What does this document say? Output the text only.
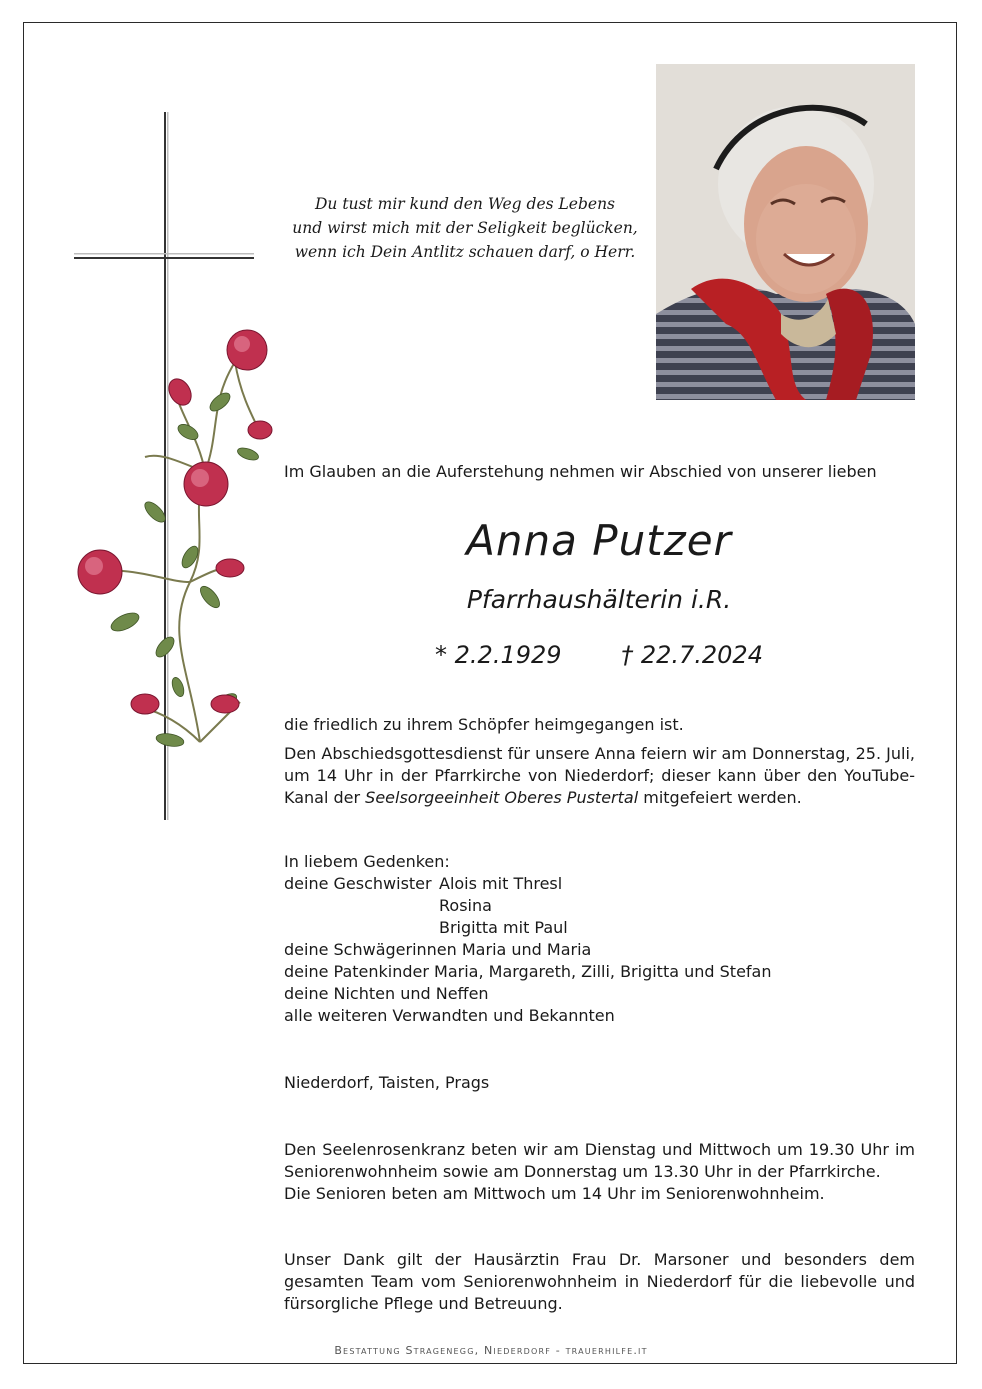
Du tust mir kund den Weg des Lebens
und wirst mich mit der Seligkeit beglücken,
wenn ich Dein Antlitz schauen darf, o Herr.
Im Glauben an die Auferstehung nehmen wir Abschied von unserer lieben
Anna Putzer
Pfarrhaushälterin i.R.
* 2.2.1929 † 22.7.2024
die friedlich zu ihrem Schöpfer heimgegangen ist.
Den Abschiedsgottesdienst für unsere Anna feiern wir am Donnerstag, 25. Juli, um 14 Uhr in der Pfarrkirche von Niederdorf; dieser kann über den YouTube-Kanal der Seelsorgeeinheit Oberes Pustertal mitgefeiert werden.
In liebem Gedenken:
deine Geschwister Alois mit Thresl
Rosina
Brigitta mit Paul
deine Schwägerinnen Maria und Maria
deine Patenkinder Maria, Margareth, Zilli, Brigitta und Stefan
deine Nichten und Neffen
alle weiteren Verwandten und Bekannten
Niederdorf, Taisten, Prags
Den Seelenrosenkranz beten wir am Dienstag und Mittwoch um 19.30 Uhr im Seniorenwohnheim sowie am Donnerstag um 13.30 Uhr in der Pfarrkirche.
Die Senioren beten am Mittwoch um 14 Uhr im Seniorenwohnheim.
Unser Dank gilt der Hausärztin Frau Dr. Marsoner und besonders dem gesamten Team vom Seniorenwohnheim in Niederdorf für die liebevolle und fürsorgliche Pflege und Betreuung.
Bestattung Stragenegg, Niederdorf - trauerhilfe.it
